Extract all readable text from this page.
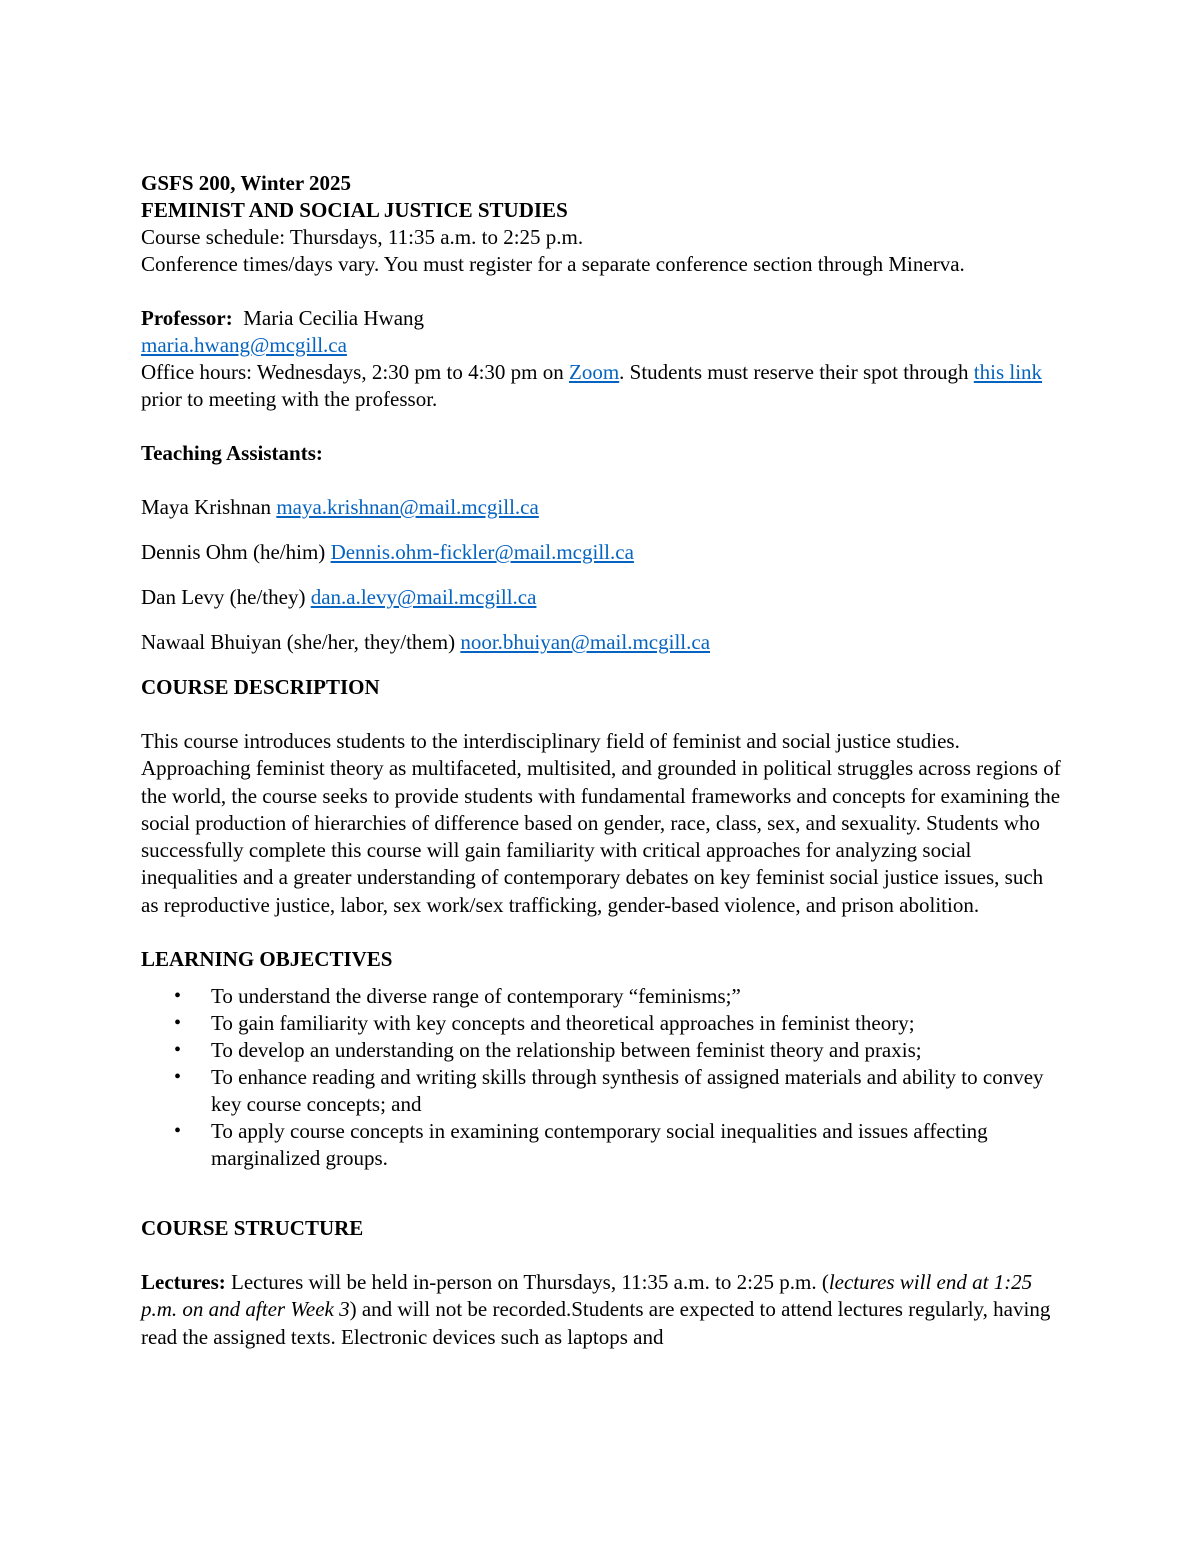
GSFS 200, Winter 2025

FEMINIST AND SOCIAL JUSTICE STUDIES

Course schedule: Thursdays, 11:35 a.m. to 2:25 p.m.

Conference times/days vary. You must register for a separate conference section through Minerva.

Professor: Maria Cecilia Hwang

maria.hwang@mcgill.ca

Office hours: Wednesdays, 2:30 pm to 4:30 pm on Zoom. Students must reserve their spot through this link prior to meeting with the professor.

Teaching Assistants:

Maya Krishnan maya.krishnan@mail.mcgill.ca

Dennis Ohm (he/him) Dennis.ohm-fickler@mail.mcgill.ca

Dan Levy (he/they) dan.a.levy@mail.mcgill.ca

Nawaal Bhuiyan (she/her, they/them) noor.bhuiyan@mail.mcgill.ca

COURSE DESCRIPTION

This course introduces students to the interdisciplinary field of feminist and social justice studies. Approaching feminist theory as multifaceted, multisited, and grounded in political struggles across regions of the world, the course seeks to provide students with fundamental frameworks and concepts for examining the social production of hierarchies of difference based on gender, race, class, sex, and sexuality. Students who successfully complete this course will gain familiarity with critical approaches for analyzing social inequalities and a greater understanding of contemporary debates on key feminist social justice issues, such as reproductive justice, labor, sex work/sex trafficking, gender-based violence, and prison abolition.

LEARNING OBJECTIVES

• To understand the diverse range of contemporary “feminisms;”
• To gain familiarity with key concepts and theoretical approaches in feminist theory;
• To develop an understanding on the relationship between feminist theory and praxis;
• To enhance reading and writing skills through synthesis of assigned materials and ability to convey key course concepts; and
• To apply course concepts in examining contemporary social inequalities and issues affecting marginalized groups.

COURSE STRUCTURE

Lectures: Lectures will be held in-person on Thursdays, 11:35 a.m. to 2:25 p.m. (lectures will end at 1:25 p.m. on and after Week 3) and will not be recorded.Students are expected to attend lectures regularly, having read the assigned texts. Electronic devices such as laptops and
